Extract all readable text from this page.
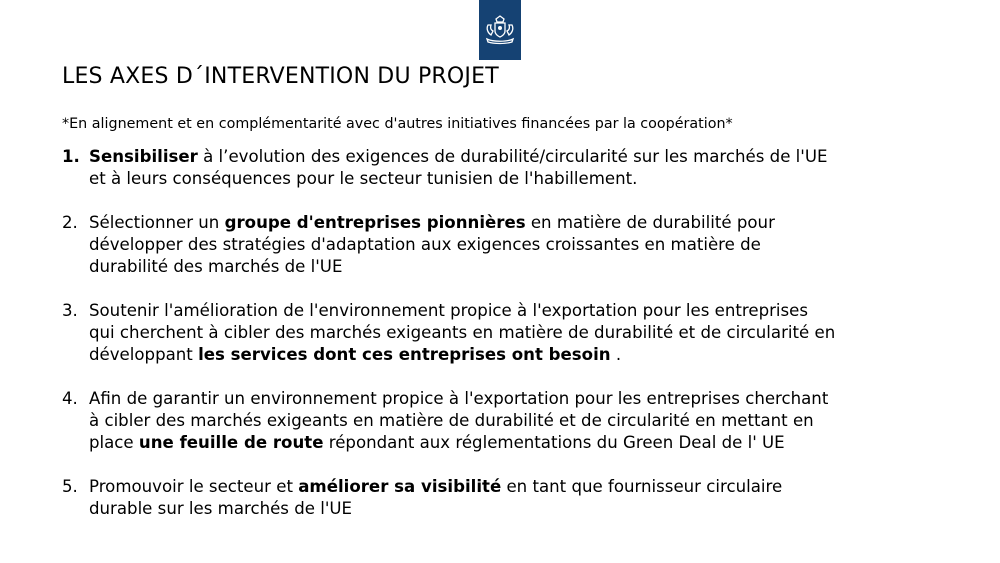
LES AXES D´INTERVENTION DU PROJET
*En alignement et en complémentarité avec d'autres initiatives financées par la coopération*
1. Sensibiliser à l’evolution des exigences de durabilité/circularité sur les marchés de l'UE
et à leurs conséquences pour le secteur tunisien de l'habillement.
2. Sélectionner un groupe d'entreprises pionnières en matière de durabilité pour
développer des stratégies d'adaptation aux exigences croissantes en matière de
durabilité des marchés de l'UE
3. Soutenir l'amélioration de l'environnement propice à l'exportation pour les entreprises
qui cherchent à cibler des marchés exigeants en matière de durabilité et de circularité en
développant les services dont ces entreprises ont besoin .
4. Afin de garantir un environnement propice à l'exportation pour les entreprises cherchant
à cibler des marchés exigeants en matière de durabilité et de circularité en mettant en
place une feuille de route répondant aux réglementations du Green Deal de l' UE
5. Promouvoir le secteur et améliorer sa visibilité en tant que fournisseur circulaire
durable sur les marchés de l'UE
